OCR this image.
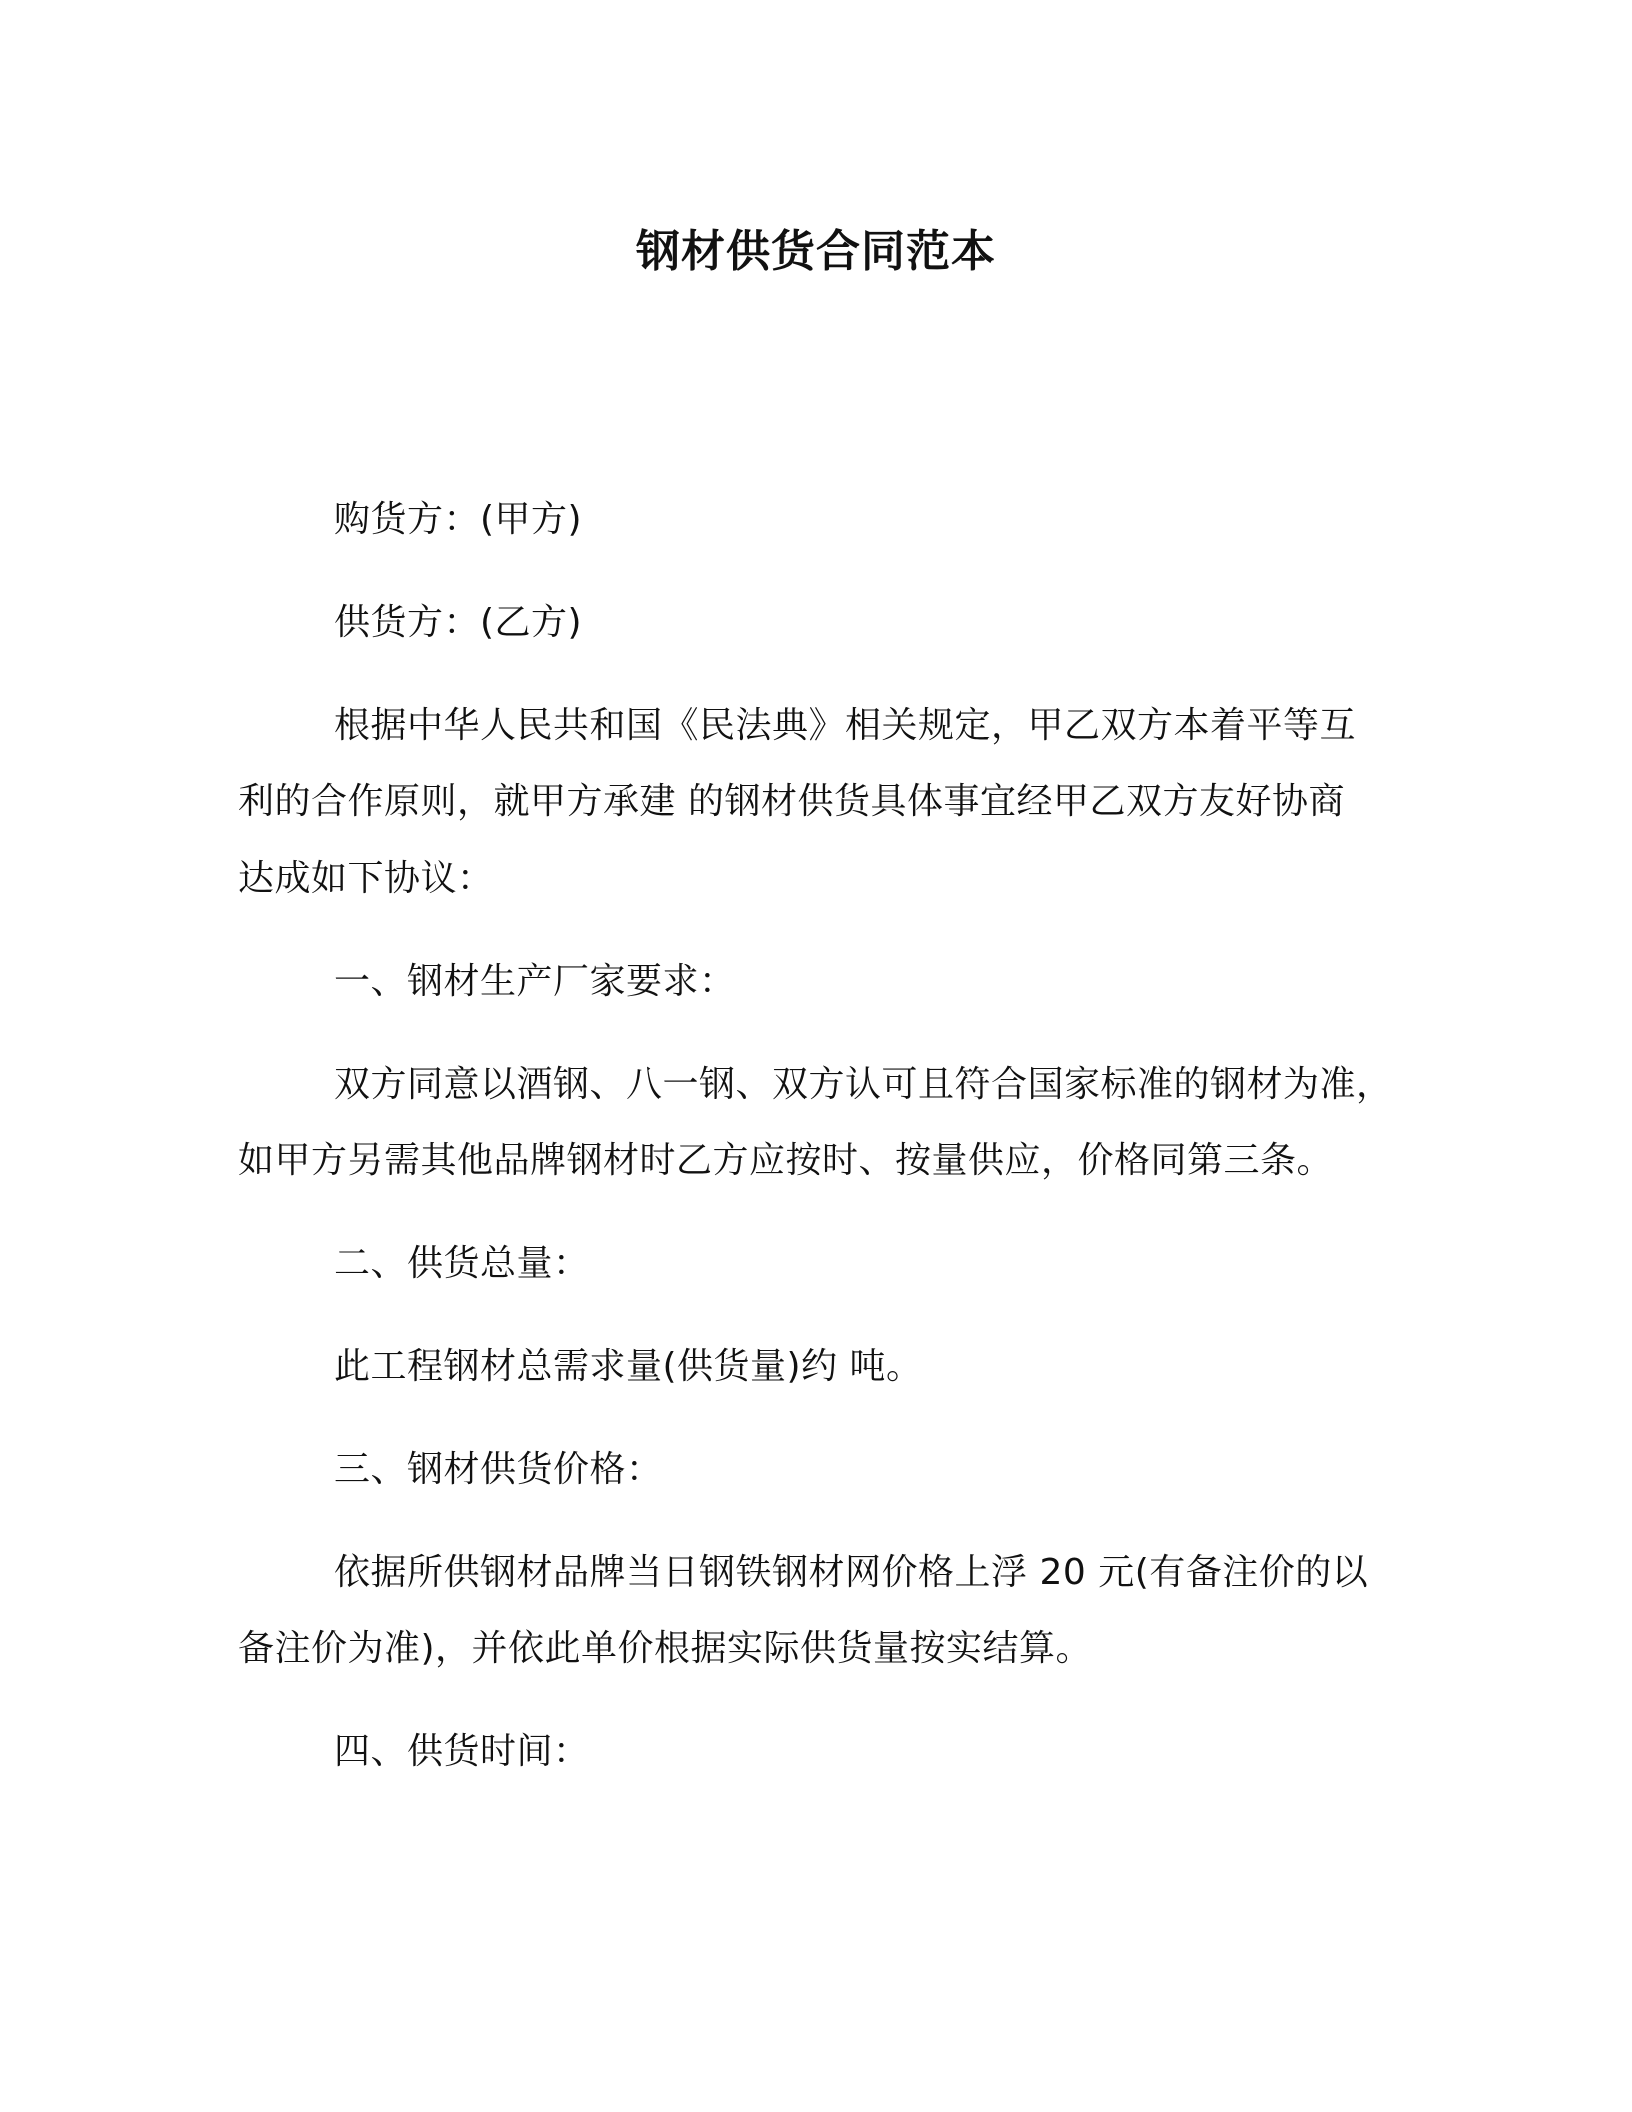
钢材供货合同范本
购货方：(甲方)
供货方：(乙方)
根据中华人民共和国《民法典》相关规定，甲乙双方本着平等互
利的合作原则，就甲方承建 的钢材供货具体事宜经甲乙双方友好协商
达成如下协议：
一、钢材生产厂家要求：
双方同意以酒钢、八一钢、双方认可且符合国家标准的钢材为准，
如甲方另需其他品牌钢材时乙方应按时、按量供应，价格同第三条。
二、供货总量：
此工程钢材总需求量(供货量)约 吨。
三、钢材供货价格：
依据所供钢材品牌当日钢铁钢材网价格上浮 20 元(有备注价的以
备注价为准)，并依此单价根据实际供货量按实结算。
四、供货时间：
